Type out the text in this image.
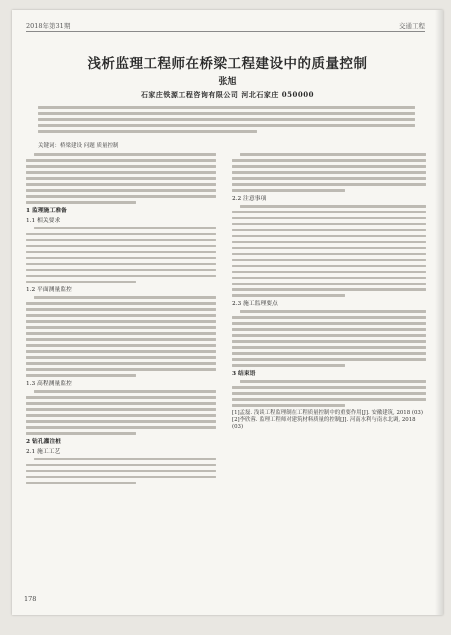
2018年第31期	交通工程
浅析监理工程师在桥梁工程建设中的质量控制
张旭
石家庄铁源工程咨询有限公司 河北石家庄 050000
关键词：桥梁建设 问题 质量控制
1 监理施工准备
1.1 相关要求
1.2 平面测量监控
1.3 高程测量监控
2 钻孔灌注桩
2.1 施工工艺
2.2 注意事项
2.3 施工监理要点
3 结束语
[1]孟磊. 浅谈工程监理制在工程质量控制中的重要作用[J]. 安徽建筑, 2018 (03)
[2]李欣蓉. 监理工程师对建筑材料质量的控制[J]. 河南水利与南水北调, 2018 (03)
178
